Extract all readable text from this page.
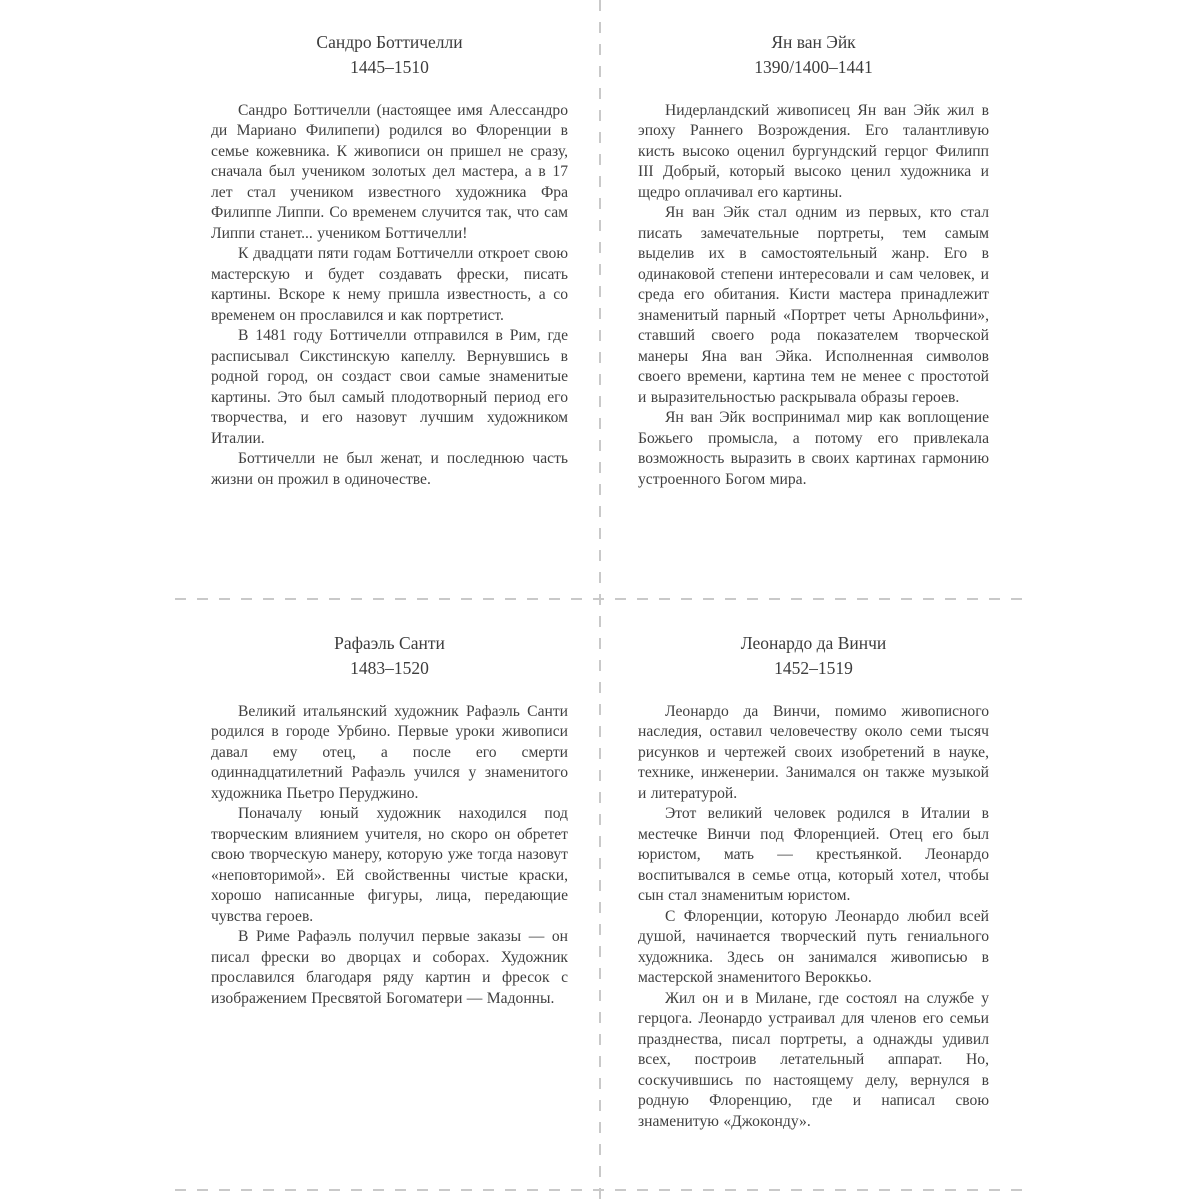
Сандро Боттичелли
1445–1510

Сандро Боттичелли (настоящее имя Алессандро ди Мариано Филипепи) родился во Флоренции в семье кожевника. К живописи он пришел не сразу, сначала был учеником золотых дел мастера, а в 17 лет стал учеником известного художника Фра Филиппе Липпи. Со временем случится так, что сам Липпи станет... учеником Боттичелли!

К двадцати пяти годам Боттичелли откроет свою мастерскую и будет создавать фрески, писать картины. Вскоре к нему пришла известность, а со временем он прославился и как портретист.

В 1481 году Боттичелли отправился в Рим, где расписывал Сикстинскую капеллу. Вернувшись в родной город, он создаст свои самые знаменитые картины. Это был самый плодотворный период его творчества, и его назовут лучшим художником Италии.

Боттичелли не был женат, и последнюю часть жизни он прожил в одиночестве.

Ян ван Эйк
1390/1400–1441

Нидерландский живописец Ян ван Эйк жил в эпоху Раннего Возрождения. Его талантливую кисть высоко оценил бургундский герцог Филипп III Добрый, который высоко ценил художника и щедро оплачивал его картины.

Ян ван Эйк стал одним из первых, кто стал писать замечательные портреты, тем самым выделив их в самостоятельный жанр. Его в одинаковой степени интересовали и сам человек, и среда его обитания. Кисти мастера принадлежит знаменитый парный «Портрет четы Арнольфини», ставший своего рода показателем творческой манеры Яна ван Эйка. Исполненная символов своего времени, картина тем не менее с простотой и выразительностью раскрывала образы героев.

Ян ван Эйк воспринимал мир как воплощение Божьего промысла, а потому его привлекала возможность выразить в своих картинах гармонию устроенного Богом мира.

Рафаэль Санти
1483–1520

Великий итальянский художник Рафаэль Санти родился в городе Урбино. Первые уроки живописи давал ему отец, а после его смерти одиннадцатилетний Рафаэль учился у знаменитого художника Пьетро Перуджино.

Поначалу юный художник находился под творческим влиянием учителя, но скоро он обретет свою творческую манеру, которую уже тогда назовут «неповторимой». Ей свойственны чистые краски, хорошо написанные фигуры, лица, передающие чувства героев.

В Риме Рафаэль получил первые заказы — он писал фрески во дворцах и соборах. Художник прославился благодаря ряду картин и фресок с изображением Пресвятой Богоматери — Мадонны.

Леонардо да Винчи
1452–1519

Леонардо да Винчи, помимо живописного наследия, оставил человечеству около семи тысяч рисунков и чертежей своих изобретений в науке, технике, инженерии. Занимался он также музыкой и литературой.

Этот великий человек родился в Италии в местечке Винчи под Флоренцией. Отец его был юристом, мать — крестьянкой. Леонардо воспитывался в семье отца, который хотел, чтобы сын стал знаменитым юристом.

С Флоренции, которую Леонардо любил всей душой, начинается творческий путь гениального художника. Здесь он занимался живописью в мастерской знаменитого Вероккьо.

Жил он и в Милане, где состоял на службе у герцога. Леонардо устраивал для членов его семьи празднества, писал портреты, а однажды удивил всех, построив летательный аппарат. Но, соскучившись по настоящему делу, вернулся в родную Флоренцию, где и написал свою знаменитую «Джоконду».
